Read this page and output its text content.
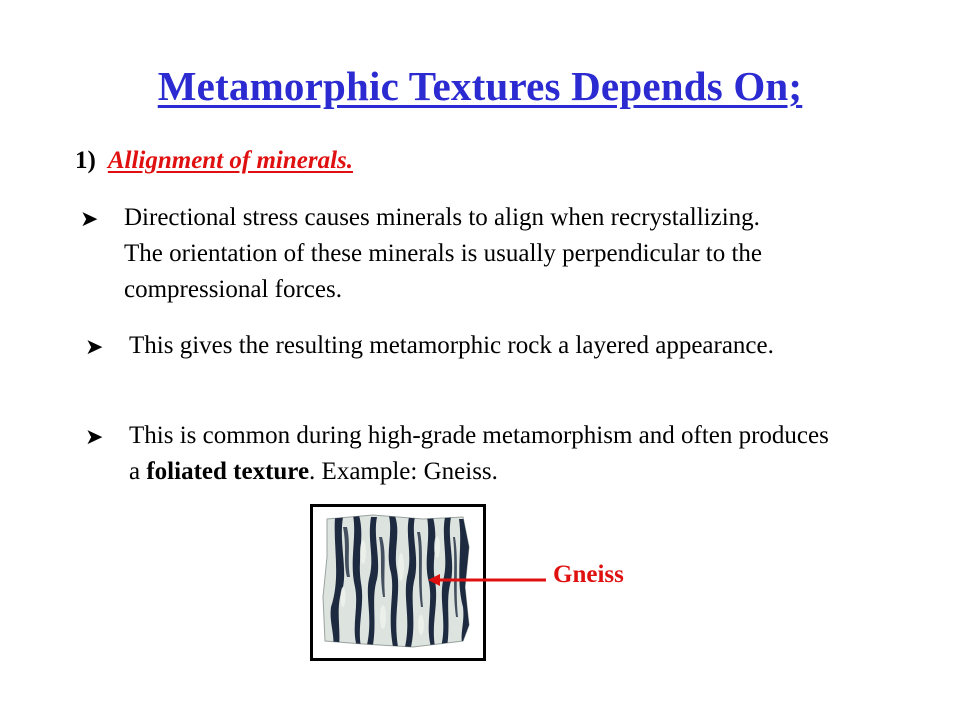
Metamorphic Textures Depends On;
1) Allignment of minerals.
➤	Directional stress causes minerals to align when recrystallizing. The orientation of these minerals is usually perpendicular to the compressional forces.
➤	This gives the resulting metamorphic rock a layered appearance.
➤	This is common during high-grade metamorphism and often produces a foliated texture. Example: Gneiss.
Gneiss
